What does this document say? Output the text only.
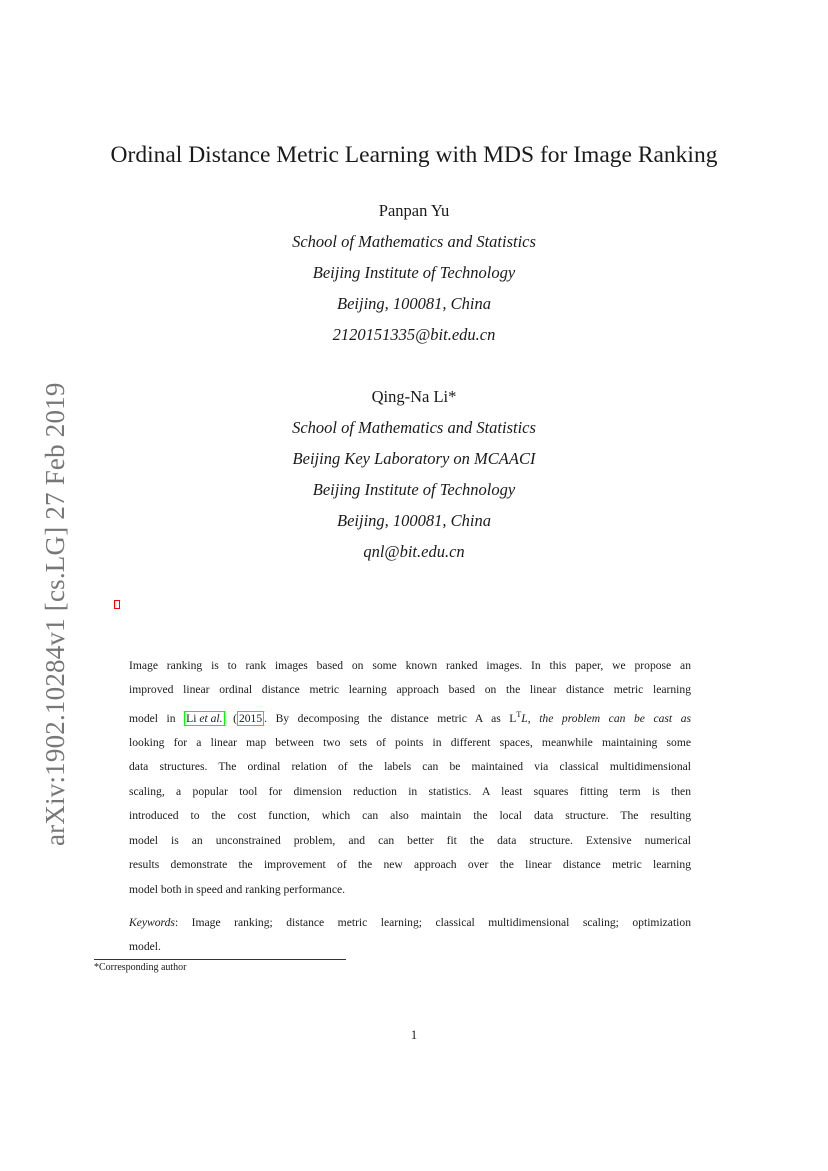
arXiv:1902.10284v1 [cs.LG] 27 Feb 2019
Ordinal Distance Metric Learning with MDS for Image Ranking
Panpan Yu
School of Mathematics and Statistics
Beijing Institute of Technology
Beijing, 100081, China
2120151335@bit.edu.cn
Qing-Na Li*
School of Mathematics and Statistics
Beijing Key Laboratory on MCAACI
Beijing Institute of Technology
Beijing, 100081, China
qnl@bit.edu.cn
Image ranking is to rank images based on some known ranked images. In this paper, we propose an
improved linear ordinal distance metric learning approach based on the linear distance metric learning
model in Li et al. ( 2015 . By decomposing the distance metric A as $L^TL$, the problem can be cast as
looking for a linear map between two sets of points in different spaces, meanwhile maintaining some
data structures. The ordinal relation of the labels can be maintained via classical multidimensional
scaling, a popular tool for dimension reduction in statistics. A least squares fitting term is then
introduced to the cost function, which can also maintain the local data structure. The resulting
model is an unconstrained problem, and can better fit the data structure. Extensive numerical
results demonstrate the improvement of the new approach over the linear distance metric learning
model both in speed and ranking performance.
Keywords: Image ranking; distance metric learning; classical multidimensional scaling; optimization
model.
*Corresponding author
1
